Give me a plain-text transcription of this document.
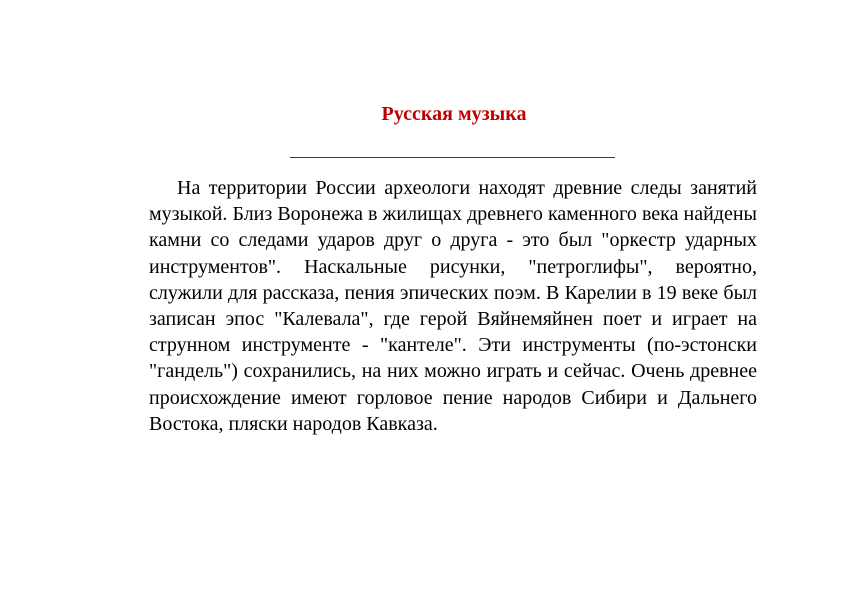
Русская музыка

На территории России археологи находят древние следы занятий музыкой. Близ Воронежа в жилищах древнего каменного века найдены камни со следами ударов друг о друга - это был "оркестр ударных инструментов". Наскальные рисунки, "петроглифы", вероятно, служили для рассказа, пения эпических поэм. В Карелии в 19 веке был записан эпос "Калевала", где герой Вяйнемяйнен поет и играет на струнном инструменте - "кантеле". Эти инструменты (по-эстонски "гандель") сохранились, на них можно играть и сейчас. Очень древнее происхождение имеют горловое пение народов Сибири и Дальнего Востока, пляски народов Кавказа.
